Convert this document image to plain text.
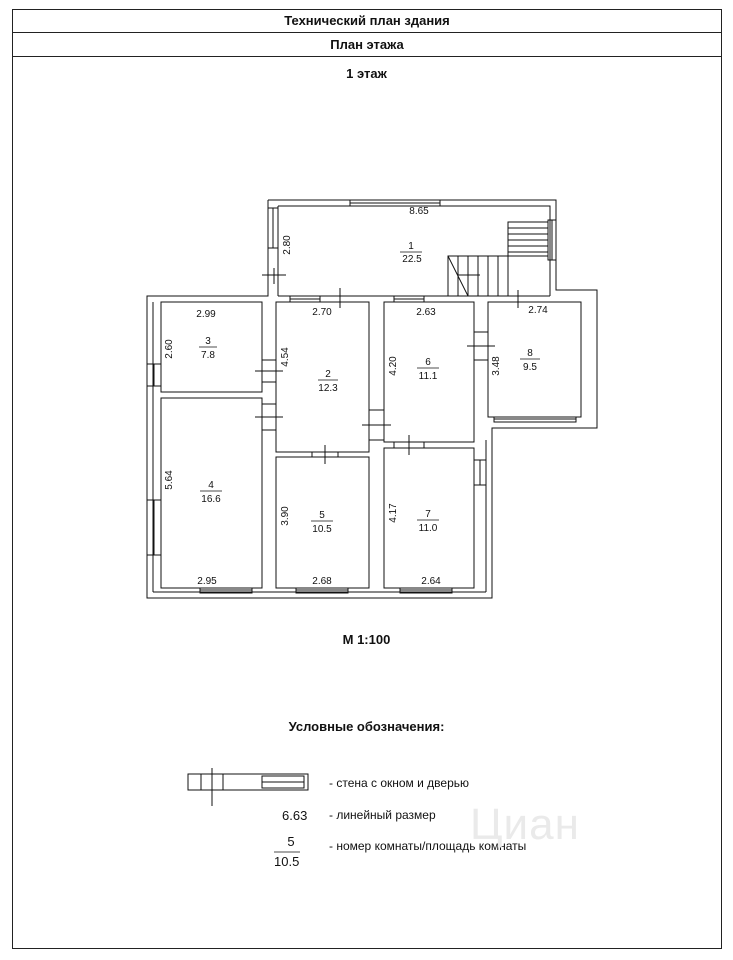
Технический план здания
План этажа
1 этаж
8.65
2.80
2.70
4.54
2.99
2.60
2.95
5.64
2.68
3.90
2.63
4.20
2.64
4.17
2.74
3.48
1
22.5
2
12.3
3
7.8
4
16.6
5
10.5
6
11.1
7
11.0
8
9.5
М 1:100
Условные обозначения:
- стена с окном и дверью
6.63 - линейный размер
5
10.5
- номер комнаты/площадь комнаты
Циан
